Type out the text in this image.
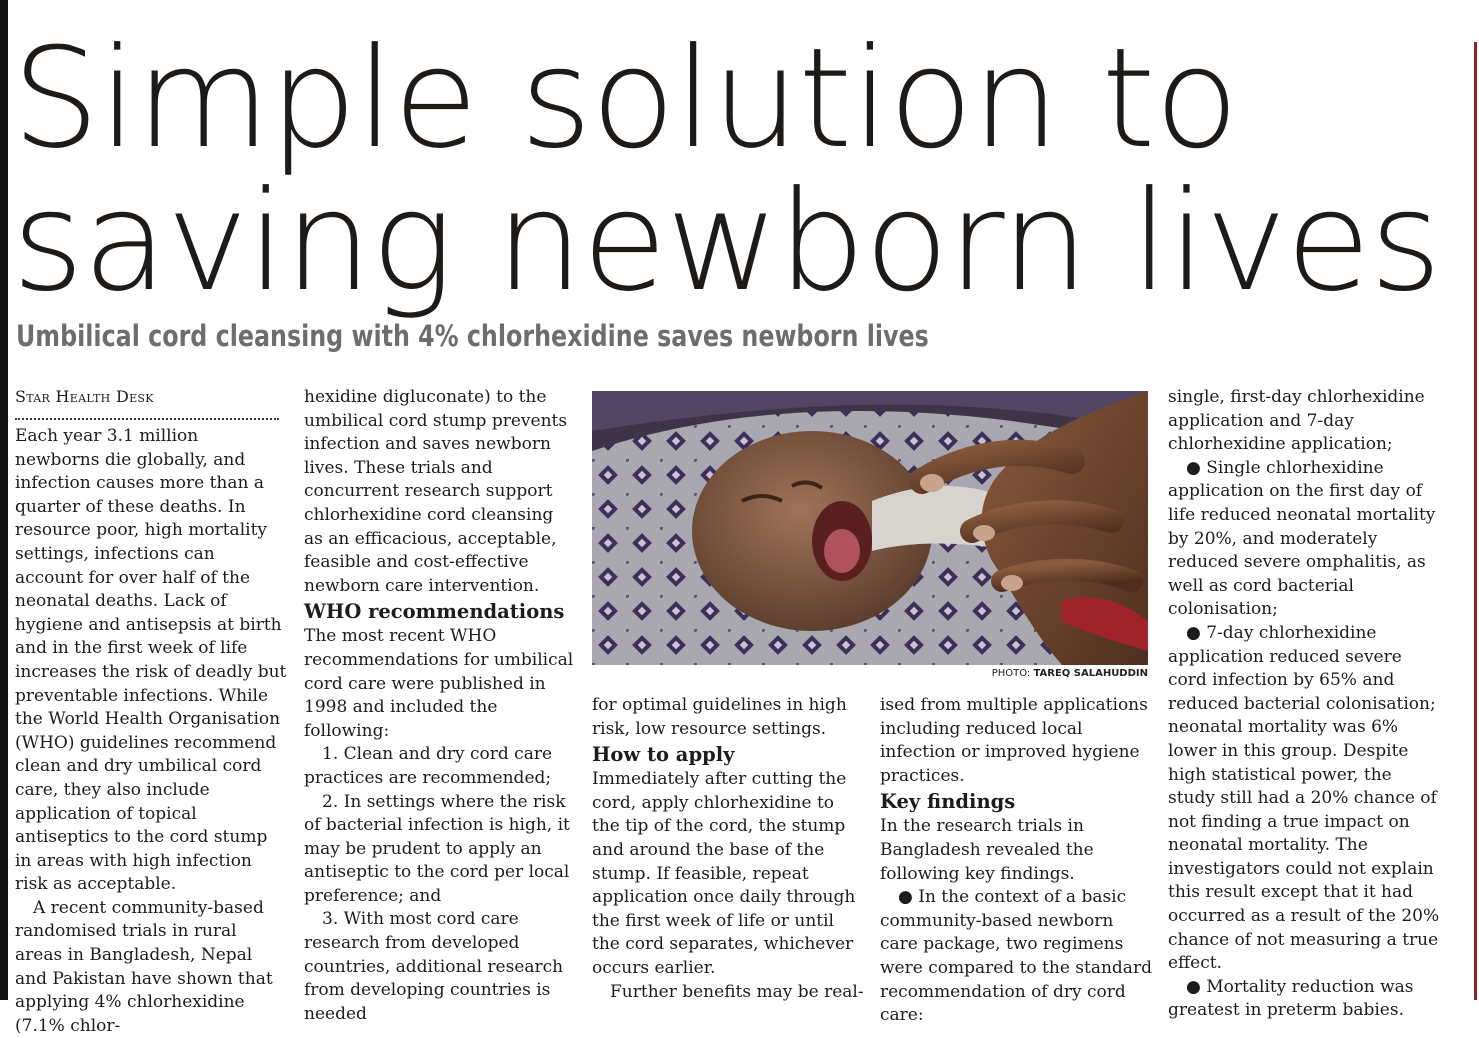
Simple solution to
saving newborn lives
Umbilical cord cleansing with 4% chlorhexidine saves newborn lives
Star Health Desk

Each year 3.1 million newborns die globally, and infection causes more than a quarter of these deaths. In resource poor, high mortality settings, infections can account for over half of the neonatal deaths. Lack of hygiene and antisepsis at birth and in the first week of life increases the risk of deadly but preventable infections. While the World Health Organisation (WHO) guidelines recommend clean and dry umbilical cord care, they also include application of topical antiseptics to the cord stump in areas with high infection risk as acceptable.

A recent community-based randomised trials in rural areas in Bangladesh, Nepal and Pakistan have shown that applying 4% chlorhexidine (7.1% chlor-

hexidine digluconate) to the umbilical cord stump prevents infection and saves newborn lives. These trials and concurrent research support chlorhexidine cord cleansing as an efficacious, acceptable, feasible and cost-effective newborn care intervention.

WHO recommendations

The most recent WHO recommendations for umbilical cord care were published in 1998 and included the following:

1. Clean and dry cord care practices are recommended;

2. In settings where the risk of bacterial infection is high, it may be prudent to apply an antiseptic to the cord per local preference; and

3. With most cord care research from developed countries, additional research from developing countries is needed

PHOTO: TAREQ SALAHUDDIN

for optimal guidelines in high risk, low resource settings.

How to apply

Immediately after cutting the cord, apply chlorhexidine to the tip of the cord, the stump and around the base of the stump. If feasible, repeat application once daily through the first week of life or until the cord separates, whichever occurs earlier.

Further benefits may be real-

ised from multiple applications including reduced local infection or improved hygiene practices.

Key findings

In the research trials in Bangladesh revealed the following key findings.

● In the context of a basic community-based newborn care package, two regimens were compared to the standard recommendation of dry cord care:

single, first-day chlorhexidine application and 7-day chlorhexidine application;

● Single chlorhexidine application on the first day of life reduced neonatal mortality by 20%, and moderately reduced severe omphalitis, as well as cord bacterial colonisation;

● 7-day chlorhexidine application reduced severe cord infection by 65% and reduced bacterial colonisation; neonatal mortality was 6% lower in this group. Despite high statistical power, the study still had a 20% chance of not finding a true impact on neonatal mortality. The investigators could not explain this result except that it had occurred as a result of the 20% chance of not measuring a true effect.

● Mortality reduction was greatest in preterm babies.
